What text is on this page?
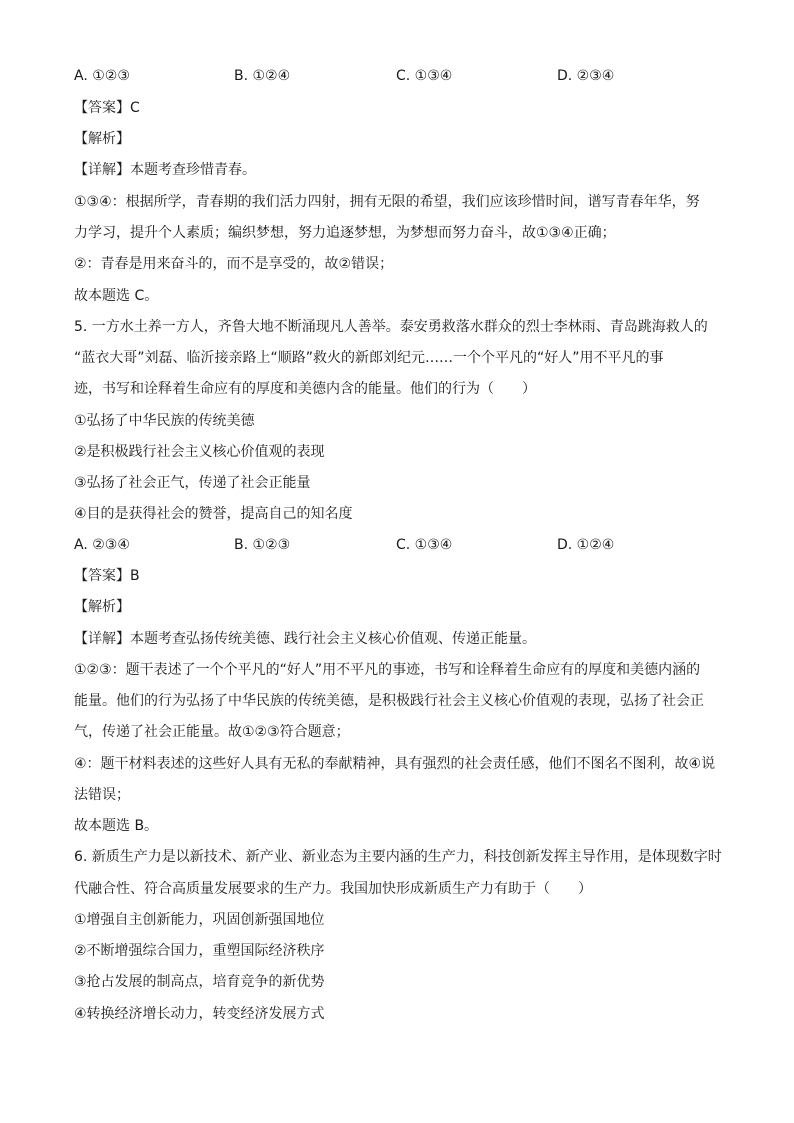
A. ①②③	B. ①②④	C. ①③④	D. ②③④
【答案】C
【解析】
【详解】本题考查珍惜青春。
①③④：根据所学，青春期的我们活力四射，拥有无限的希望，我们应该珍惜时间，谱写青春年华，努
力学习，提升个人素质；编织梦想，努力追逐梦想，为梦想而努力奋斗，故①③④正确；
②：青春是用来奋斗的，而不是享受的，故②错误；
故本题选 C。
5. 一方水土养一方人，齐鲁大地不断涌现凡人善举。泰安勇救落水群众的烈士李林雨、青岛跳海救人的
“蓝衣大哥”刘磊、临沂接亲路上“顺路”救火的新郎刘纪元……一个个平凡的“好人”用不平凡的事
迹，书写和诠释着生命应有的厚度和美德内含的能量。他们的行为（　　）
①弘扬了中华民族的传统美德
②是积极践行社会主义核心价值观的表现
③弘扬了社会正气，传递了社会正能量
④目的是获得社会的赞誉，提高自己的知名度
A. ②③④	B. ①②③	C. ①③④	D. ①②④
【答案】B
【解析】
【详解】本题考查弘扬传统美德、践行社会主义核心价值观、传递正能量。
①②③：题干表述了一个个平凡的“好人”用不平凡的事迹，书写和诠释着生命应有的厚度和美德内涵的
能量。他们的行为弘扬了中华民族的传统美德，是积极践行社会主义核心价值观的表现，弘扬了社会正
气，传递了社会正能量。故①②③符合题意；
④：题干材料表述的这些好人具有无私的奉献精神，具有强烈的社会责任感，他们不图名不图利，故④说
法错误；
故本题选 B。
6. 新质生产力是以新技术、新产业、新业态为主要内涵的生产力，科技创新发挥主导作用，是体现数字时
代融合性、符合高质量发展要求的生产力。我国加快形成新质生产力有助于（　　）
①增强自主创新能力，巩固创新强国地位
②不断增强综合国力，重塑国际经济秩序
③抢占发展的制高点，培育竞争的新优势
④转换经济增长动力，转变经济发展方式
